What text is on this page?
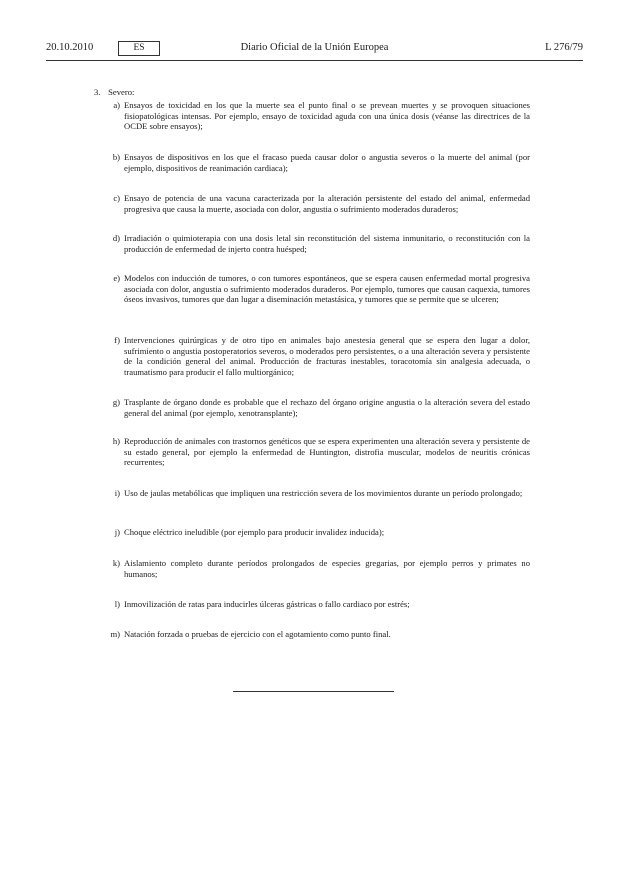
20.10.2010	ES	Diario Oficial de la Unión Europea	L 276/79
3. Severo:
a) Ensayos de toxicidad en los que la muerte sea el punto final o se prevean muertes y se provoquen situaciones fisiopatológicas intensas. Por ejemplo, ensayo de toxicidad aguda con una única dosis (véanse las directrices de la OCDE sobre ensayos);
b) Ensayos de dispositivos en los que el fracaso pueda causar dolor o angustia severos o la muerte del animal (por ejemplo, dispositivos de reanimación cardiaca);
c) Ensayo de potencia de una vacuna caracterizada por la alteración persistente del estado del animal, enfermedad progresiva que causa la muerte, asociada con dolor, angustia o sufrimiento moderados duraderos;
d) Irradiación o quimioterapia con una dosis letal sin reconstitución del sistema inmunitario, o reconstitución con la producción de enfermedad de injerto contra huésped;
e) Modelos con inducción de tumores, o con tumores espontáneos, que se espera causen enfermedad mortal progresiva asociada con dolor, angustia o sufrimiento moderados duraderos. Por ejemplo, tumores que causan caquexia, tumores óseos invasivos, tumores que dan lugar a diseminación metastásica, y tumores que se permite que se ulceren;
f) Intervenciones quirúrgicas y de otro tipo en animales bajo anestesia general que se espera den lugar a dolor, sufrimiento o angustia postoperatorios severos, o moderados pero persistentes, o a una alteración severa y persistente de la condición general del animal. Producción de fracturas inestables, toracotomía sin analgesia adecuada, o traumatismo para producir el fallo multiorgánico;
g) Trasplante de órgano donde es probable que el rechazo del órgano origine angustia o la alteración severa del estado general del animal (por ejemplo, xenotransplante);
h) Reproducción de animales con trastornos genéticos que se espera experimenten una alteración severa y persistente de su estado general, por ejemplo la enfermedad de Huntington, distrofia muscular, modelos de neuritis crónicas recurrentes;
i) Uso de jaulas metabólicas que impliquen una restricción severa de los movimientos durante un período prolongado;
j) Choque eléctrico ineludible (por ejemplo para producir invalidez inducida);
k) Aislamiento completo durante períodos prolongados de especies gregarias, por ejemplo perros y primates no humanos;
l) Inmovilización de ratas para inducirles úlceras gástricas o fallo cardiaco por estrés;
m) Natación forzada o pruebas de ejercicio con el agotamiento como punto final.
